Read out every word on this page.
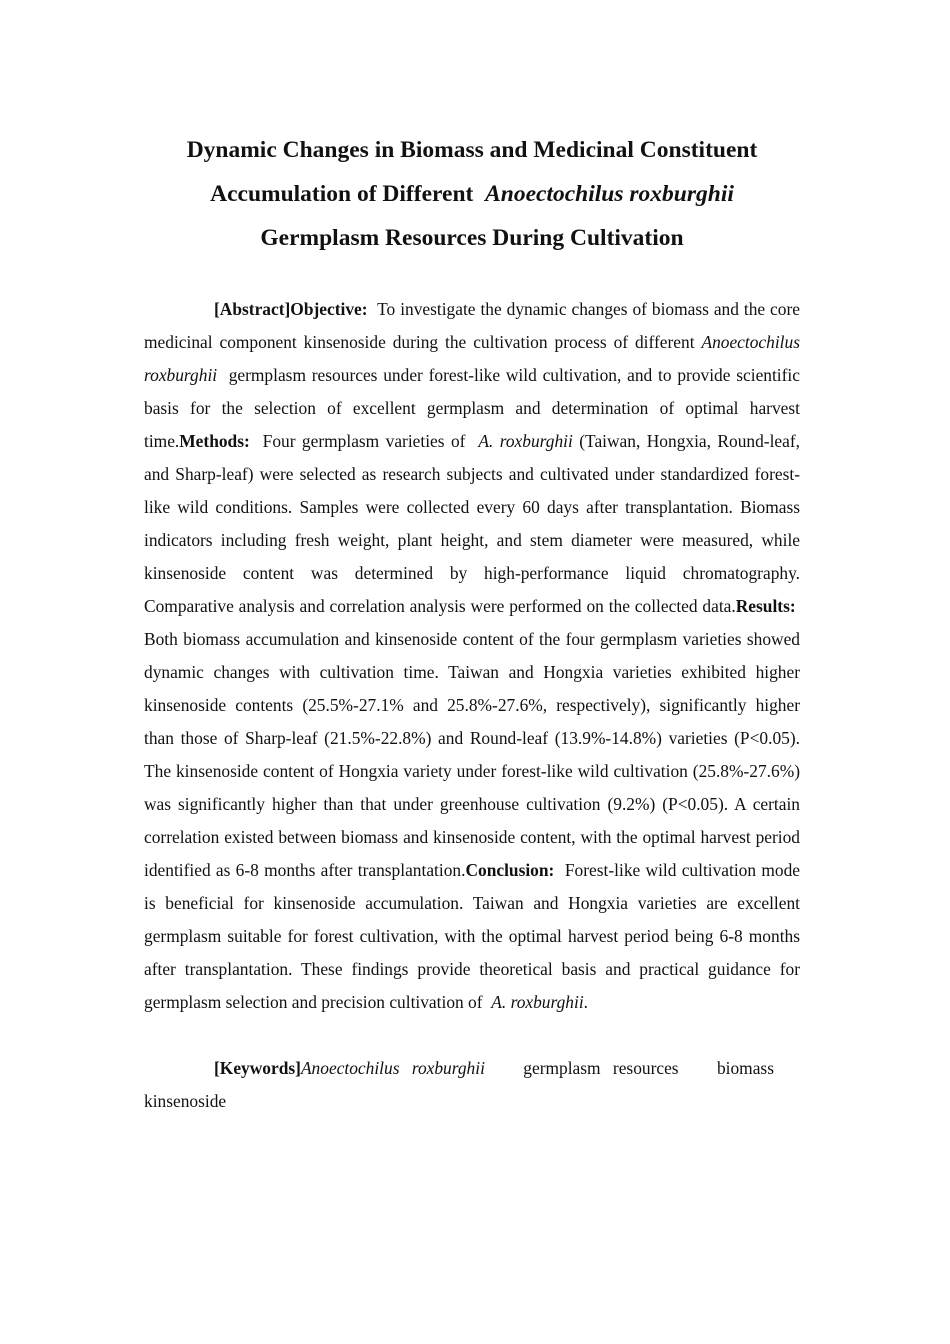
Dynamic Changes in Biomass and Medicinal Constituent
Accumulation of Different Anoectochilus roxburghii
Germplasm Resources During Cultivation

[Abstract]Objective: To investigate the dynamic changes of biomass and the core medicinal component kinsenoside during the cultivation process of different Anoectochilus roxburghii germplasm resources under forest-like wild cultivation, and to provide scientific basis for the selection of excellent germplasm and determination of optimal harvest time.Methods: Four germplasm varieties of A. roxburghii (Taiwan, Hongxia, Round-leaf, and Sharp-leaf) were selected as research subjects and cultivated under standardized forest-like wild conditions. Samples were collected every 60 days after transplantation. Biomass indicators including fresh weight, plant height, and stem diameter were measured, while kinsenoside content was determined by high-performance liquid chromatography. Comparative analysis and correlation analysis were performed on the collected data.Results:  Both biomass accumulation and kinsenoside content of the four germplasm varieties showed dynamic changes with cultivation time. Taiwan and Hongxia varieties exhibited higher kinsenoside contents (25.5%-27.1% and 25.8%-27.6%, respectively), significantly higher than those of Sharp-leaf (21.5%-22.8%) and Round-leaf (13.9%-14.8%) varieties (P<0.05). The kinsenoside content of Hongxia variety under forest-like wild cultivation (25.8%-27.6%) was significantly higher than that under greenhouse cultivation (9.2%) (P<0.05). A certain correlation existed between biomass and kinsenoside content, with the optimal harvest period identified as 6-8 months after transplantation.Conclusion: Forest-like wild cultivation mode is beneficial for kinsenoside accumulation. Taiwan and Hongxia varieties are excellent germplasm suitable for forest cultivation, with the optimal harvest period being 6-8 months after transplantation. These findings provide theoretical basis and practical guidance for germplasm selection and precision cultivation of A. roxburghii.

[Keywords]Anoectochilus roxburghii germplasm resources biomass kinsenoside
